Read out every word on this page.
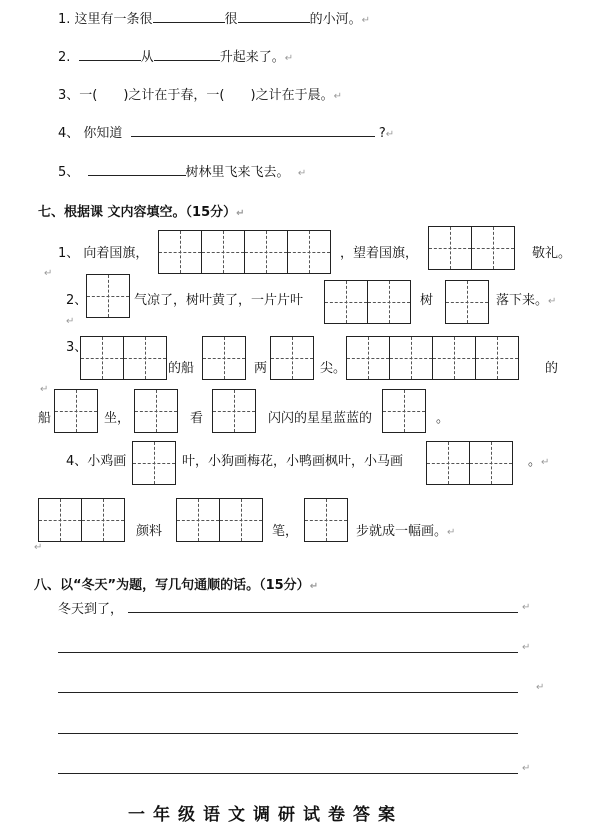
1. 这里有一条很	很	的小河。↵
2.	从	升起来了。↵
3、一( )之计在于春，一( )之计在于晨。↵
4、 你知道	?↵
5、	树林里飞来飞去。 ↵
七、根据课 文内容填空。（15分）↵
1、 向着国旗，	，望着国旗，	敬礼。
↵
2、	气凉了，树叶黄了，一片片叶	树	落下来。↵
↵
3、
的船	两	尖。	的
↵
船	坐，	看	闪闪的星星蓝蓝的	。
4、小鸡画	叶，小狗画梅花，小鸭画枫叶，小马画	。↵
颜料	笔，	步就成一幅画。↵
↵
八、以“冬天”为题，写几句通顺的话。（15分）↵
冬天到了，	↵
↵
↵
↵
一年级语文调研试卷答案
